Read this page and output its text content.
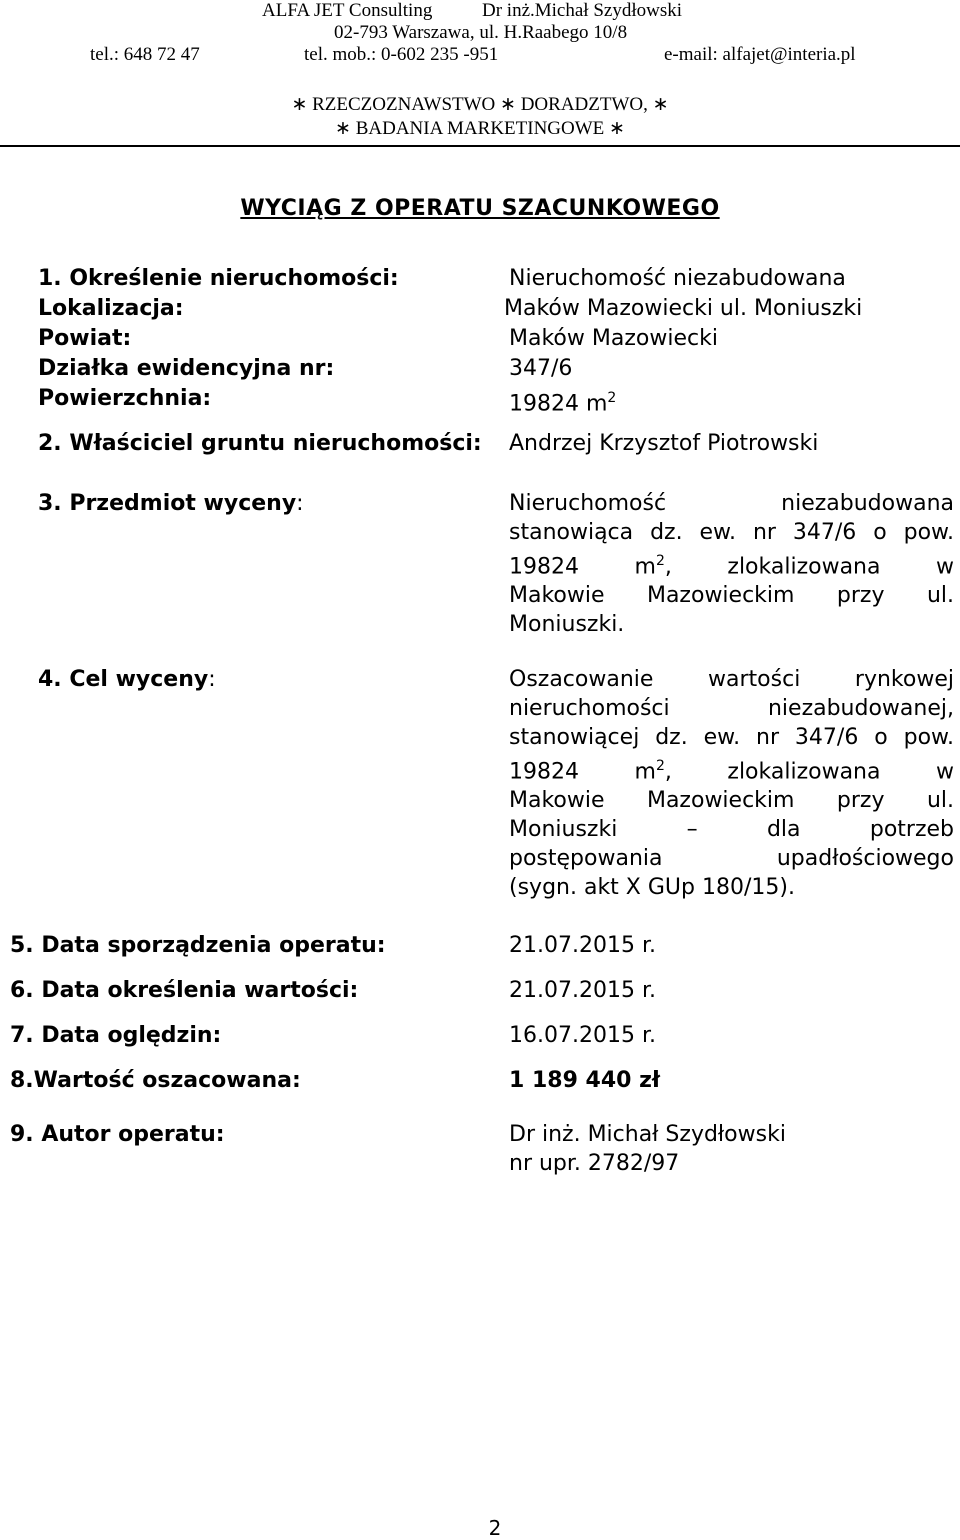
ALFA JET Consulting	Dr inż.Michał Szydłowski
02-793 Warszawa, ul. H.Raabego 10/8
tel.: 648 72 47	tel. mob.: 0-602 235 -951	e-mail: alfajet@interia.pl
∗ RZECZOZNAWSTWO ∗ DORADZTWO, ∗
∗ BADANIA MARKETINGOWE ∗
WYCIĄG Z OPERATU SZACUNKOWEGO
1. Określenie nieruchomości:	Nieruchomość niezabudowana
Lokalizacja:	Maków Mazowiecki ul. Moniuszki
Powiat:	Maków Mazowiecki
Działka ewidencyjna nr:	347/6
Powierzchnia:	19824 $m^2$
2. Właściciel gruntu nieruchomości: Andrzej Krzysztof Piotrowski
3. Przedmiot wyceny:	Nieruchomość niezabudowana
stanowiąca dz. ew. nr 347/6 o pow.
19824 $m^2$, zlokalizowana w
Makowie Mazowieckim przy ul.
Moniuszki.
4. Cel wyceny:	Oszacowanie wartości rynkowej
nieruchomości niezabudowanej,
stanowiącej dz. ew. nr 347/6 o pow.
19824 $m^2$, zlokalizowana w
Makowie Mazowieckim przy ul.
Moniuszki – dla potrzeb
postępowania upadłościowego
(sygn. akt X GUp 180/15).
5. Data sporządzenia operatu:	21.07.2015 r.
6. Data określenia wartości:	21.07.2015 r.
7. Data oględzin:	16.07.2015 r.
8.Wartość oszacowana:	1 189 440 zł
9. Autor operatu:	Dr inż. Michał Szydłowski
nr upr. 2782/97
2
